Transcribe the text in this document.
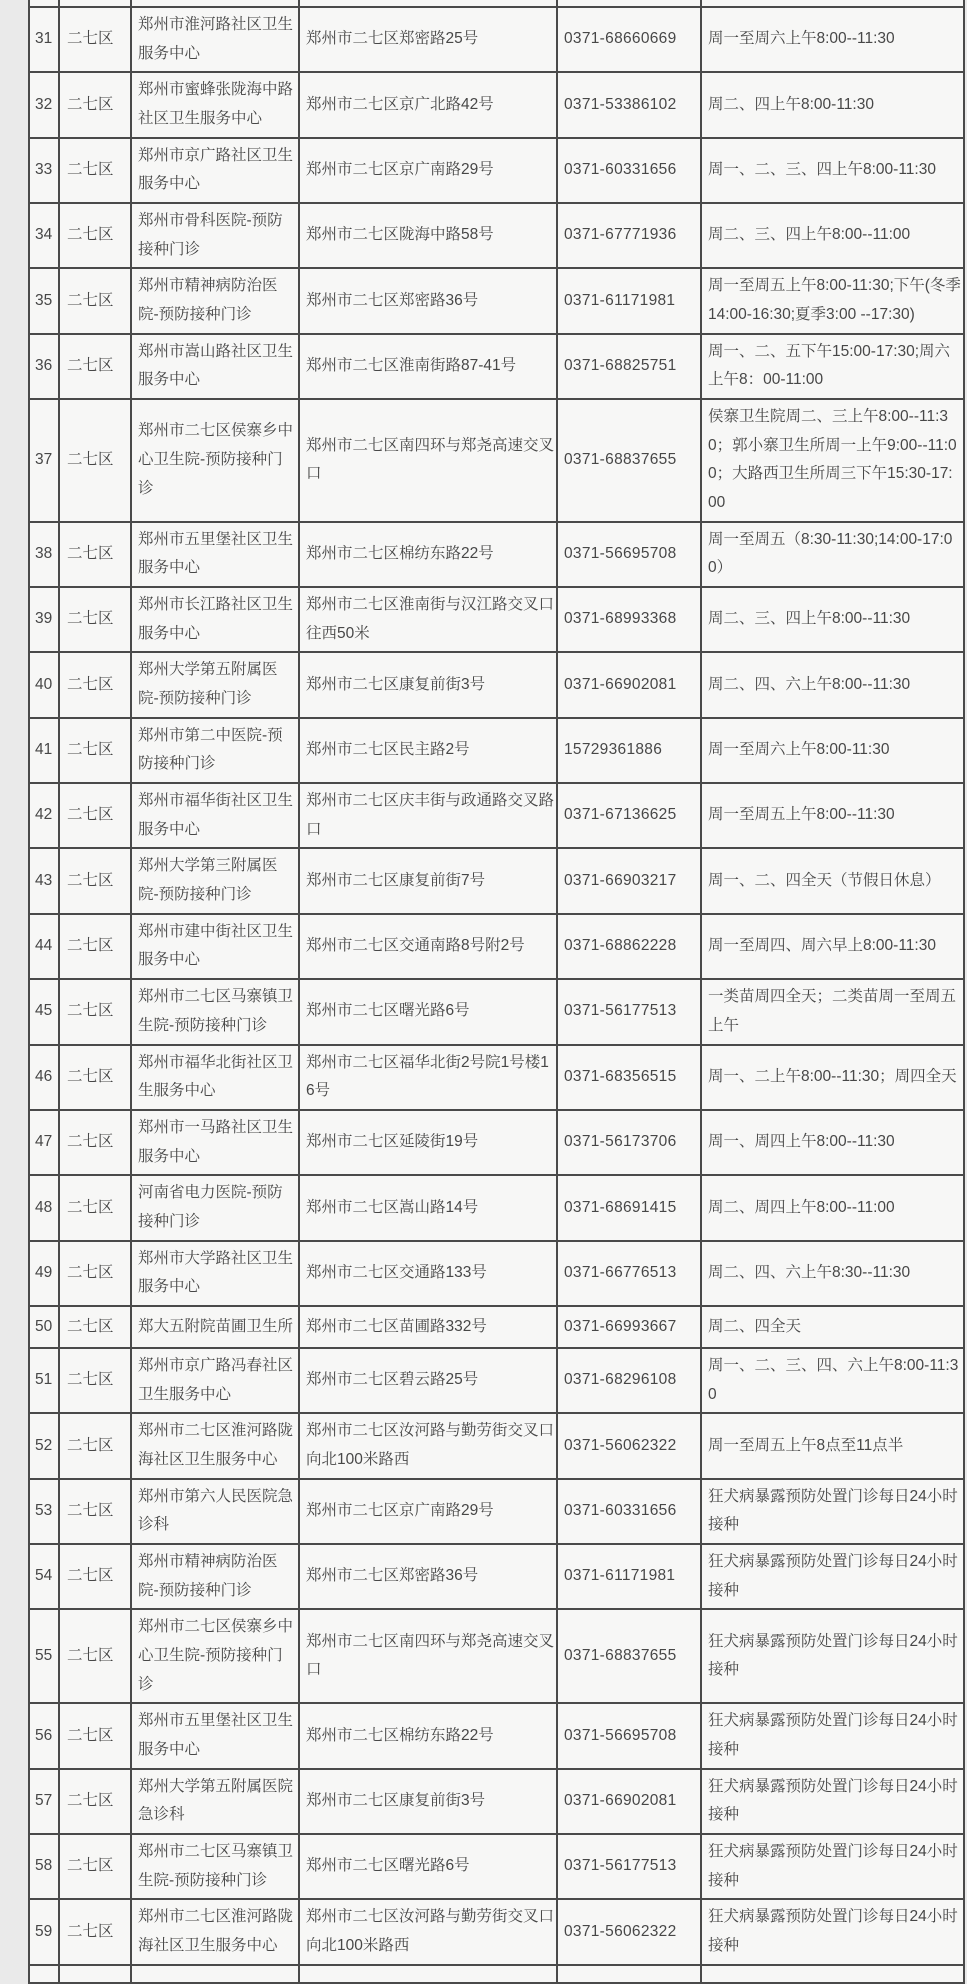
31	二七区	郑州市淮河路社区卫生服务中心	郑州市二七区郑密路25号	0371-68660669	周一至周六上午8:00--11:30
32	二七区	郑州市蜜蜂张陇海中路社区卫生服务中心	郑州市二七区京广北路42号	0371-53386102	周二、四上午8:00-11:30
33	二七区	郑州市京广路社区卫生服务中心	郑州市二七区京广南路29号	0371-60331656	周一、二、三、四上午8:00-11:30
34	二七区	郑州市骨科医院-预防接种门诊	郑州市二七区陇海中路58号	0371-67771936	周二、三、四上午8:00--11:00
35	二七区	郑州市精神病防治医院-预防接种门诊	郑州市二七区郑密路36号	0371-61171981	周一至周五上午8:00-11:30;下午(冬季14:00-16:30;夏季3:00 --17:30)
36	二七区	郑州市嵩山路社区卫生服务中心	郑州市二七区淮南街路87-41号	0371-68825751	周一、二、五下午15:00-17:30;周六上午8：00-11:00
37	二七区	郑州市二七区侯寨乡中心卫生院-预防接种门诊	郑州市二七区南四环与郑尧高速交叉口	0371-68837655	侯寨卫生院周二、三上午8:00--11:30；郭小寨卫生所周一上午9:00--11:00；大路西卫生所周三下午15:30-17:00
38	二七区	郑州市五里堡社区卫生服务中心	郑州市二七区棉纺东路22号	0371-56695708	周一至周五（8:30-11:30;14:00-17:00）
39	二七区	郑州市长江路社区卫生服务中心	郑州市二七区淮南街与汉江路交叉口往西50米	0371-68993368	周二、三、四上午8:00--11:30
40	二七区	郑州大学第五附属医院-预防接种门诊	郑州市二七区康复前街3号	0371-66902081	周二、四、六上午8:00--11:30
41	二七区	郑州市第二中医院-预防接种门诊	郑州市二七区民主路2号	15729361886	周一至周六上午8:00-11:30
42	二七区	郑州市福华街社区卫生服务中心	郑州市二七区庆丰街与政通路交叉路口	0371-67136625	周一至周五上午8:00--11:30
43	二七区	郑州大学第三附属医院-预防接种门诊	郑州市二七区康复前街7号	0371-66903217	周一、二、四全天（节假日休息）
44	二七区	郑州市建中街社区卫生服务中心	郑州市二七区交通南路8号附2号	0371-68862228	周一至周四、周六早上8:00-11:30
45	二七区	郑州市二七区马寨镇卫生院-预防接种门诊	郑州市二七区曙光路6号	0371-56177513	一类苗周四全天；二类苗周一至周五上午
46	二七区	郑州市福华北街社区卫生服务中心	郑州市二七区福华北街2号院1号楼16号	0371-68356515	周一、二上午8:00--11:30；周四全天
47	二七区	郑州市一马路社区卫生服务中心	郑州市二七区延陵街19号	0371-56173706	周一、周四上午8:00--11:30
48	二七区	河南省电力医院-预防接种门诊	郑州市二七区嵩山路14号	0371-68691415	周二、周四上午8:00--11:00
49	二七区	郑州市大学路社区卫生服务中心	郑州市二七区交通路133号	0371-66776513	周二、四、六上午8:30--11:30
50	二七区	郑大五附院苗圃卫生所	郑州市二七区苗圃路332号	0371-66993667	周二、四全天
51	二七区	郑州市京广路冯春社区卫生服务中心	郑州市二七区碧云路25号	0371-68296108	周一、二、三、四、六上午8:00-11:30
52	二七区	郑州市二七区淮河路陇海社区卫生服务中心	郑州市二七区汝河路与勤劳街交叉口向北100米路西	0371-56062322	周一至周五上午8点至11点半
53	二七区	郑州市第六人民医院急诊科	郑州市二七区京广南路29号	0371-60331656	狂犬病暴露预防处置门诊每日24小时接种
54	二七区	郑州市精神病防治医院-预防接种门诊	郑州市二七区郑密路36号	0371-61171981	狂犬病暴露预防处置门诊每日24小时接种
55	二七区	郑州市二七区侯寨乡中心卫生院-预防接种门诊	郑州市二七区南四环与郑尧高速交叉口	0371-68837655	狂犬病暴露预防处置门诊每日24小时接种
56	二七区	郑州市五里堡社区卫生服务中心	郑州市二七区棉纺东路22号	0371-56695708	狂犬病暴露预防处置门诊每日24小时接种
57	二七区	郑州大学第五附属医院急诊科	郑州市二七区康复前街3号	0371-66902081	狂犬病暴露预防处置门诊每日24小时接种
58	二七区	郑州市二七区马寨镇卫生院-预防接种门诊	郑州市二七区曙光路6号	0371-56177513	狂犬病暴露预防处置门诊每日24小时接种
59	二七区	郑州市二七区淮河路陇海社区卫生服务中心	郑州市二七区汝河路与勤劳街交叉口向北100米路西	0371-56062322	狂犬病暴露预防处置门诊每日24小时接种
